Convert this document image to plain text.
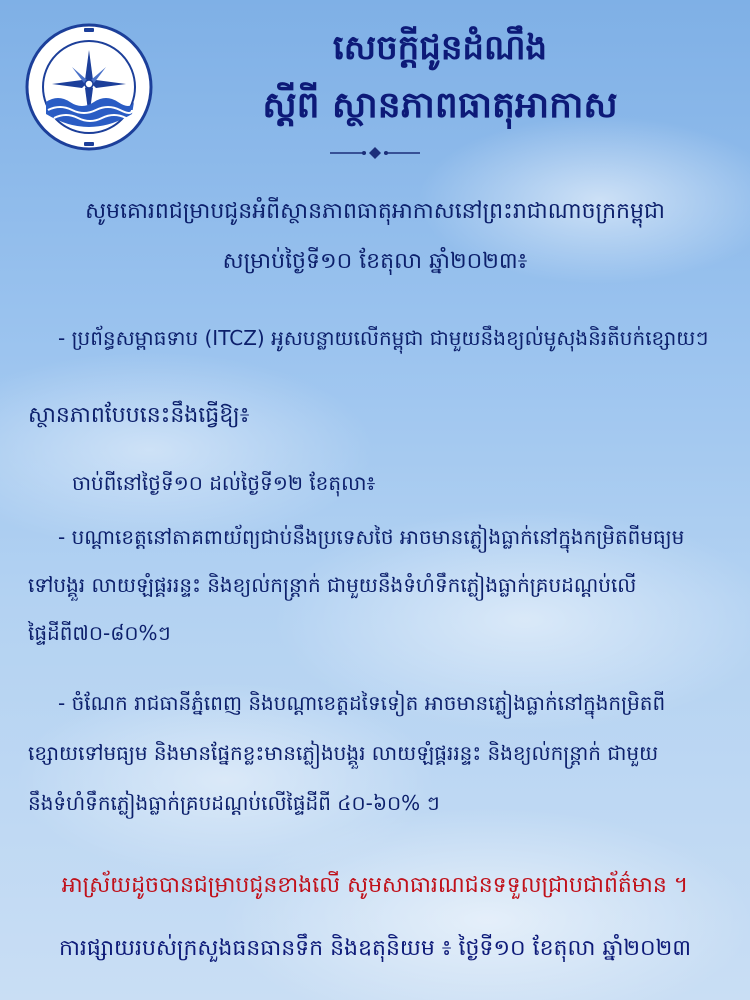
សេចក្តីជូនដំណឹង
ស្តីពី ស្ថានភាពធាតុអាកាស
សូមគោរពជម្រាបជូនអំពីស្ថានភាពធាតុអាកាសនៅព្រះរាជាណាចក្រកម្ពុជា
សម្រាប់ថ្ងៃទី១០ ខែតុលា ឆ្នាំ២០២៣៖
- ប្រព័ន្ធសម្ពាធទាប (ITCZ) អូសបន្លាយលើកម្ពុជា ជាមួយនឹងខ្យល់មូសុងនិរតីបក់ខ្សោយៗ
ស្ថានភាពបែបនេះនឹងធ្វើឱ្យ៖
ចាប់ពីនៅថ្ងៃទី១០ ដល់ថ្ងៃទី១២ ខែតុលា៖
- បណ្តាខេត្តនៅតាគពាយ័ព្យជាប់នឹងប្រទេសថៃ អាចមានភ្លៀងធ្លាក់នៅក្នុងកម្រិតពីមធ្យម
ទៅបង្គួរ លាយឡំផ្គររន្ទះ និងខ្យល់កន្ត្រាក់ ជាមួយនឹងទំហំទឹកភ្លៀងធ្លាក់គ្របដណ្តប់លើ
ផ្ទៃដីពី៧០-៨០%ៗ
- ចំណែក រាជធានីភ្នំពេញ និងបណ្តាខេត្តដទៃទៀត អាចមានភ្លៀងធ្លាក់នៅក្នុងកម្រិតពី
ខ្សោយទៅមធ្យម និងមានផ្នែកខ្លះមានភ្លៀងបង្គួរ លាយឡំផ្គររន្ទះ និងខ្យល់កន្ត្រាក់ ជាមួយ
នឹងទំហំទឹកភ្លៀងធ្លាក់គ្របដណ្តប់លើផ្ទៃដីពី ៤០-៦០% ៗ
អាស្រ័យដូចបានជម្រាបជូនខាងលើ សូមសាធារណជនទទួលជ្រាបជាព័ត៌មាន ។
ការផ្សាយរបស់ក្រសួងធនធានទឹក និងឧតុនិយម ៖ ថ្ងៃទី១០ ខែតុលា ឆ្នាំ២០២៣
